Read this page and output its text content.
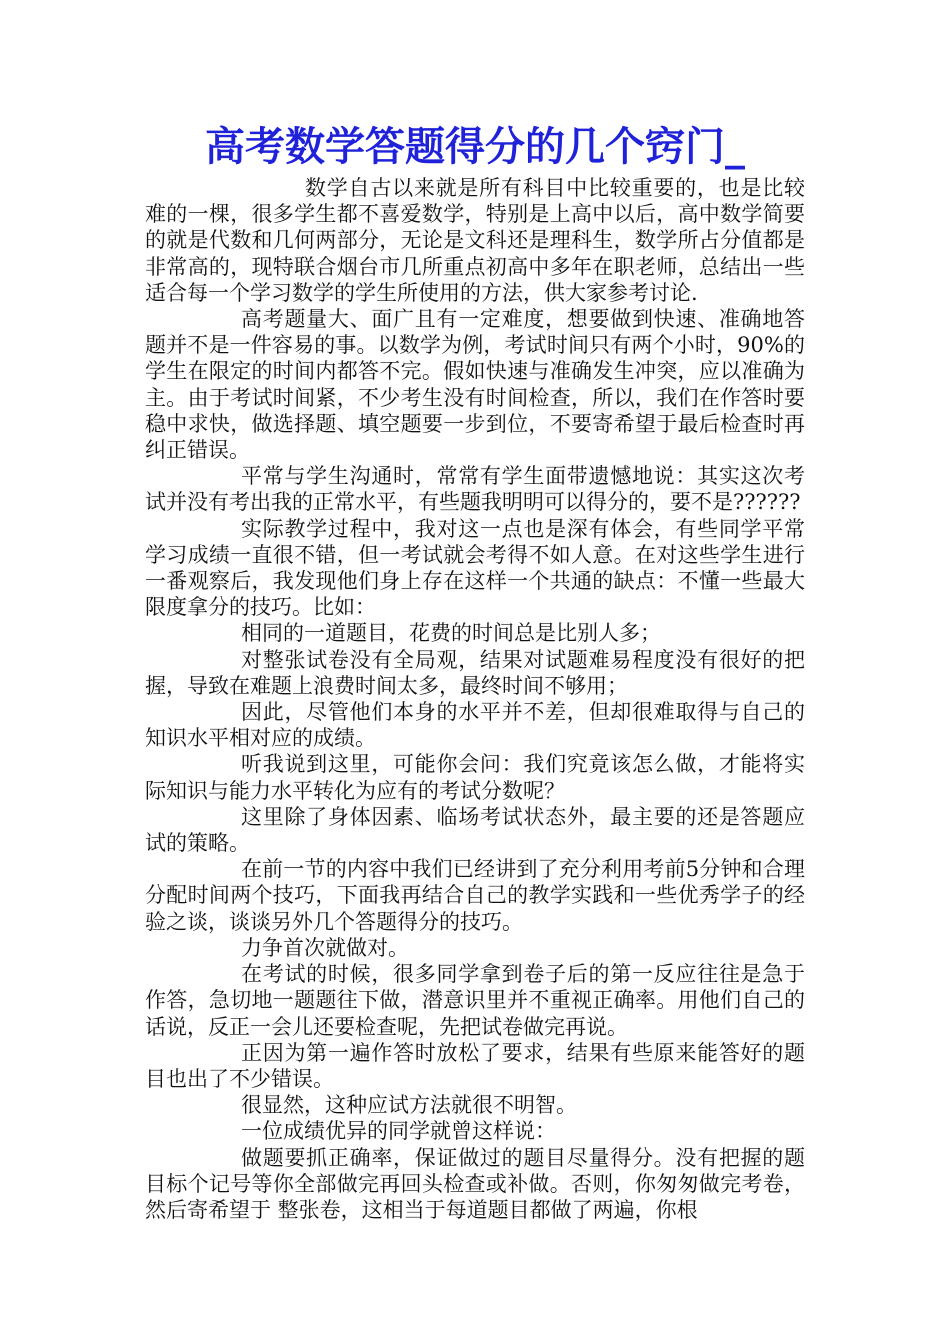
高考数学答题得分的几个窍门_

数学自古以来就是所有科目中比较重要的，也是比较难的一棵，很多学生都不喜爱数学，特别是上高中以后，高中数学简要的就是代数和几何两部分，无论是文科还是理科生，数学所占分值都是非常高的，现特联合烟台市几所重点初高中多年在职老师，总结出一些适合每一个学习数学的学生所使用的方法，供大家参考讨论.

高考题量大、面广且有一定难度，想要做到快速、准确地答题并不是一件容易的事。以数学为例，考试时间只有两个小时，90%的学生在限定的时间内都答不完。假如快速与准确发生冲突，应以准确为主。由于考试时间紧，不少考生没有时间检查，所以，我们在作答时要稳中求快，做选择题、填空题要一步到位，不要寄希望于最后检查时再纠正错误。

平常与学生沟通时，常常有学生面带遗憾地说：其实这次考试并没有考出我的正常水平，有些题我明明可以得分的，要不是??????

实际教学过程中，我对这一点也是深有体会，有些同学平常学习成绩一直很不错，但一考试就会考得不如人意。在对这些学生进行一番观察后，我发现他们身上存在这样一个共通的缺点：不懂一些最大限度拿分的技巧。比如：

相同的一道题目，花费的时间总是比别人多；

对整张试卷没有全局观，结果对试题难易程度没有很好的把握，导致在难题上浪费时间太多，最终时间不够用；

因此，尽管他们本身的水平并不差，但却很难取得与自己的知识水平相对应的成绩。

听我说到这里，可能你会问：我们究竟该怎么做，才能将实际知识与能力水平转化为应有的考试分数呢？

这里除了身体因素、临场考试状态外，最主要的还是答题应试的策略。

在前一节的内容中我们已经讲到了充分利用考前5分钟和合理分配时间两个技巧，下面我再结合自己的教学实践和一些优秀学子的经验之谈，谈谈另外几个答题得分的技巧。

力争首次就做对。

在考试的时候，很多同学拿到卷子后的第一反应往往是急于作答，急切地一题题往下做，潜意识里并不重视正确率。用他们自己的话说，反正一会儿还要检查呢，先把试卷做完再说。

正因为第一遍作答时放松了要求，结果有些原来能答好的题目也出了不少错误。

很显然，这种应试方法就很不明智。

一位成绩优异的同学就曾这样说：

做题要抓正确率，保证做过的题目尽量得分。没有把握的题目标个记号等你全部做完再回头检查或补做。否则，你匆匆做完考卷，然后寄希望于 整张卷，这相当于每道题目都做了两遍，你根
